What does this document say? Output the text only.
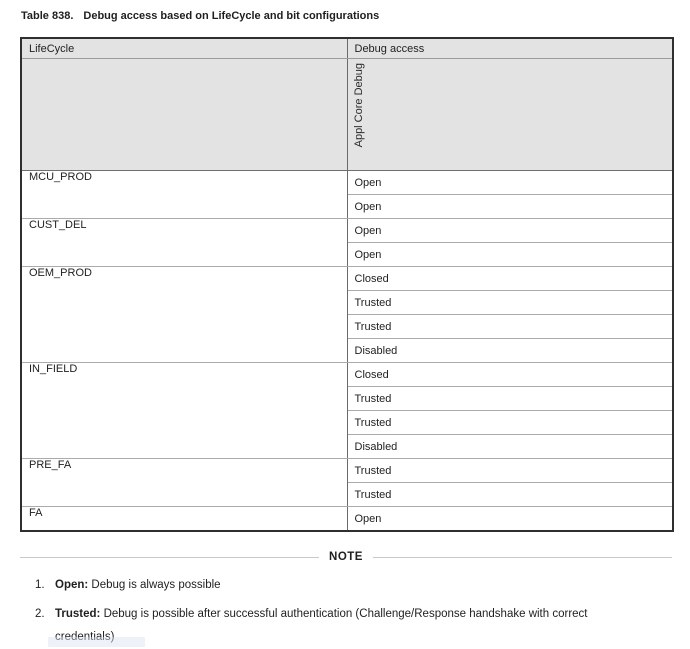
Table 838. Debug access based on LifeCycle and bit configurations
LifeCycle	Debug access
	Appl Core Debug
MCU_PROD	Open
	Open
CUST_DEL	Open
	Open
OEM_PROD	Closed
	Trusted
	Trusted
	Disabled
IN_FIELD	Closed
	Trusted
	Trusted
	Disabled
PRE_FA	Trusted
	Trusted
FA	Open
NOTE
1. Open: Debug is always possible
2. Trusted: Debug is possible after successful authentication (Challenge/Response handshake with correct credentials)
